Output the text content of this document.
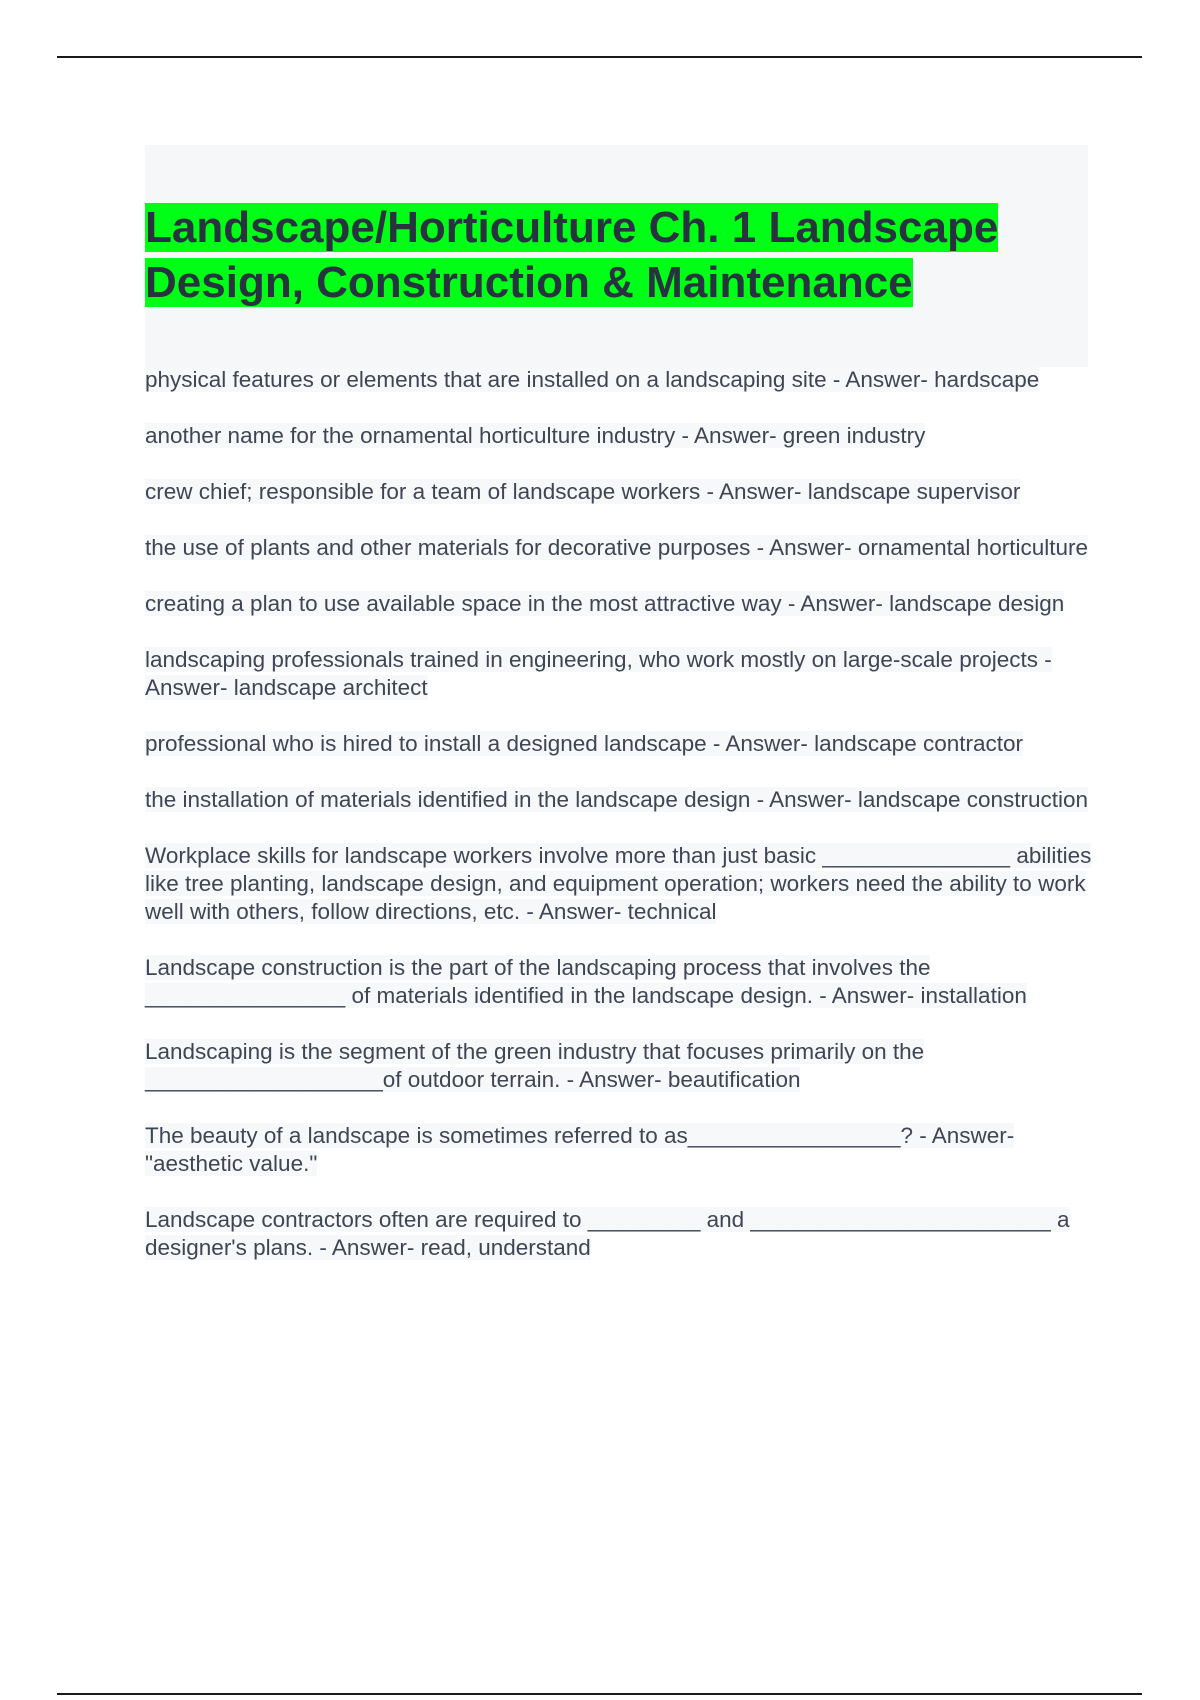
Landscape/Horticulture Ch. 1 Landscape Design, Construction & Maintenance

physical features or elements that are installed on a landscaping site - Answer- hardscape

another name for the ornamental horticulture industry - Answer- green industry

crew chief; responsible for a team of landscape workers - Answer- landscape supervisor

the use of plants and other materials for decorative purposes - Answer- ornamental horticulture

creating a plan to use available space in the most attractive way - Answer- landscape design

landscaping professionals trained in engineering, who work mostly on large-scale projects - Answer- landscape architect

professional who is hired to install a designed landscape - Answer- landscape contractor

the installation of materials identified in the landscape design - Answer- landscape construction

Workplace skills for landscape workers involve more than just basic _______________ abilities like tree planting, landscape design, and equipment operation; workers need the ability to work well with others, follow directions, etc. - Answer- technical

Landscape construction is the part of the landscaping process that involves the ________________ of materials identified in the landscape design. - Answer- installation

Landscaping is the segment of the green industry that focuses primarily on the ___________________of outdoor terrain. - Answer- beautification

The beauty of a landscape is sometimes referred to as_________________? - Answer- "aesthetic value."

Landscape contractors often are required to _________ and ________________________ a designer's plans. - Answer- read, understand
